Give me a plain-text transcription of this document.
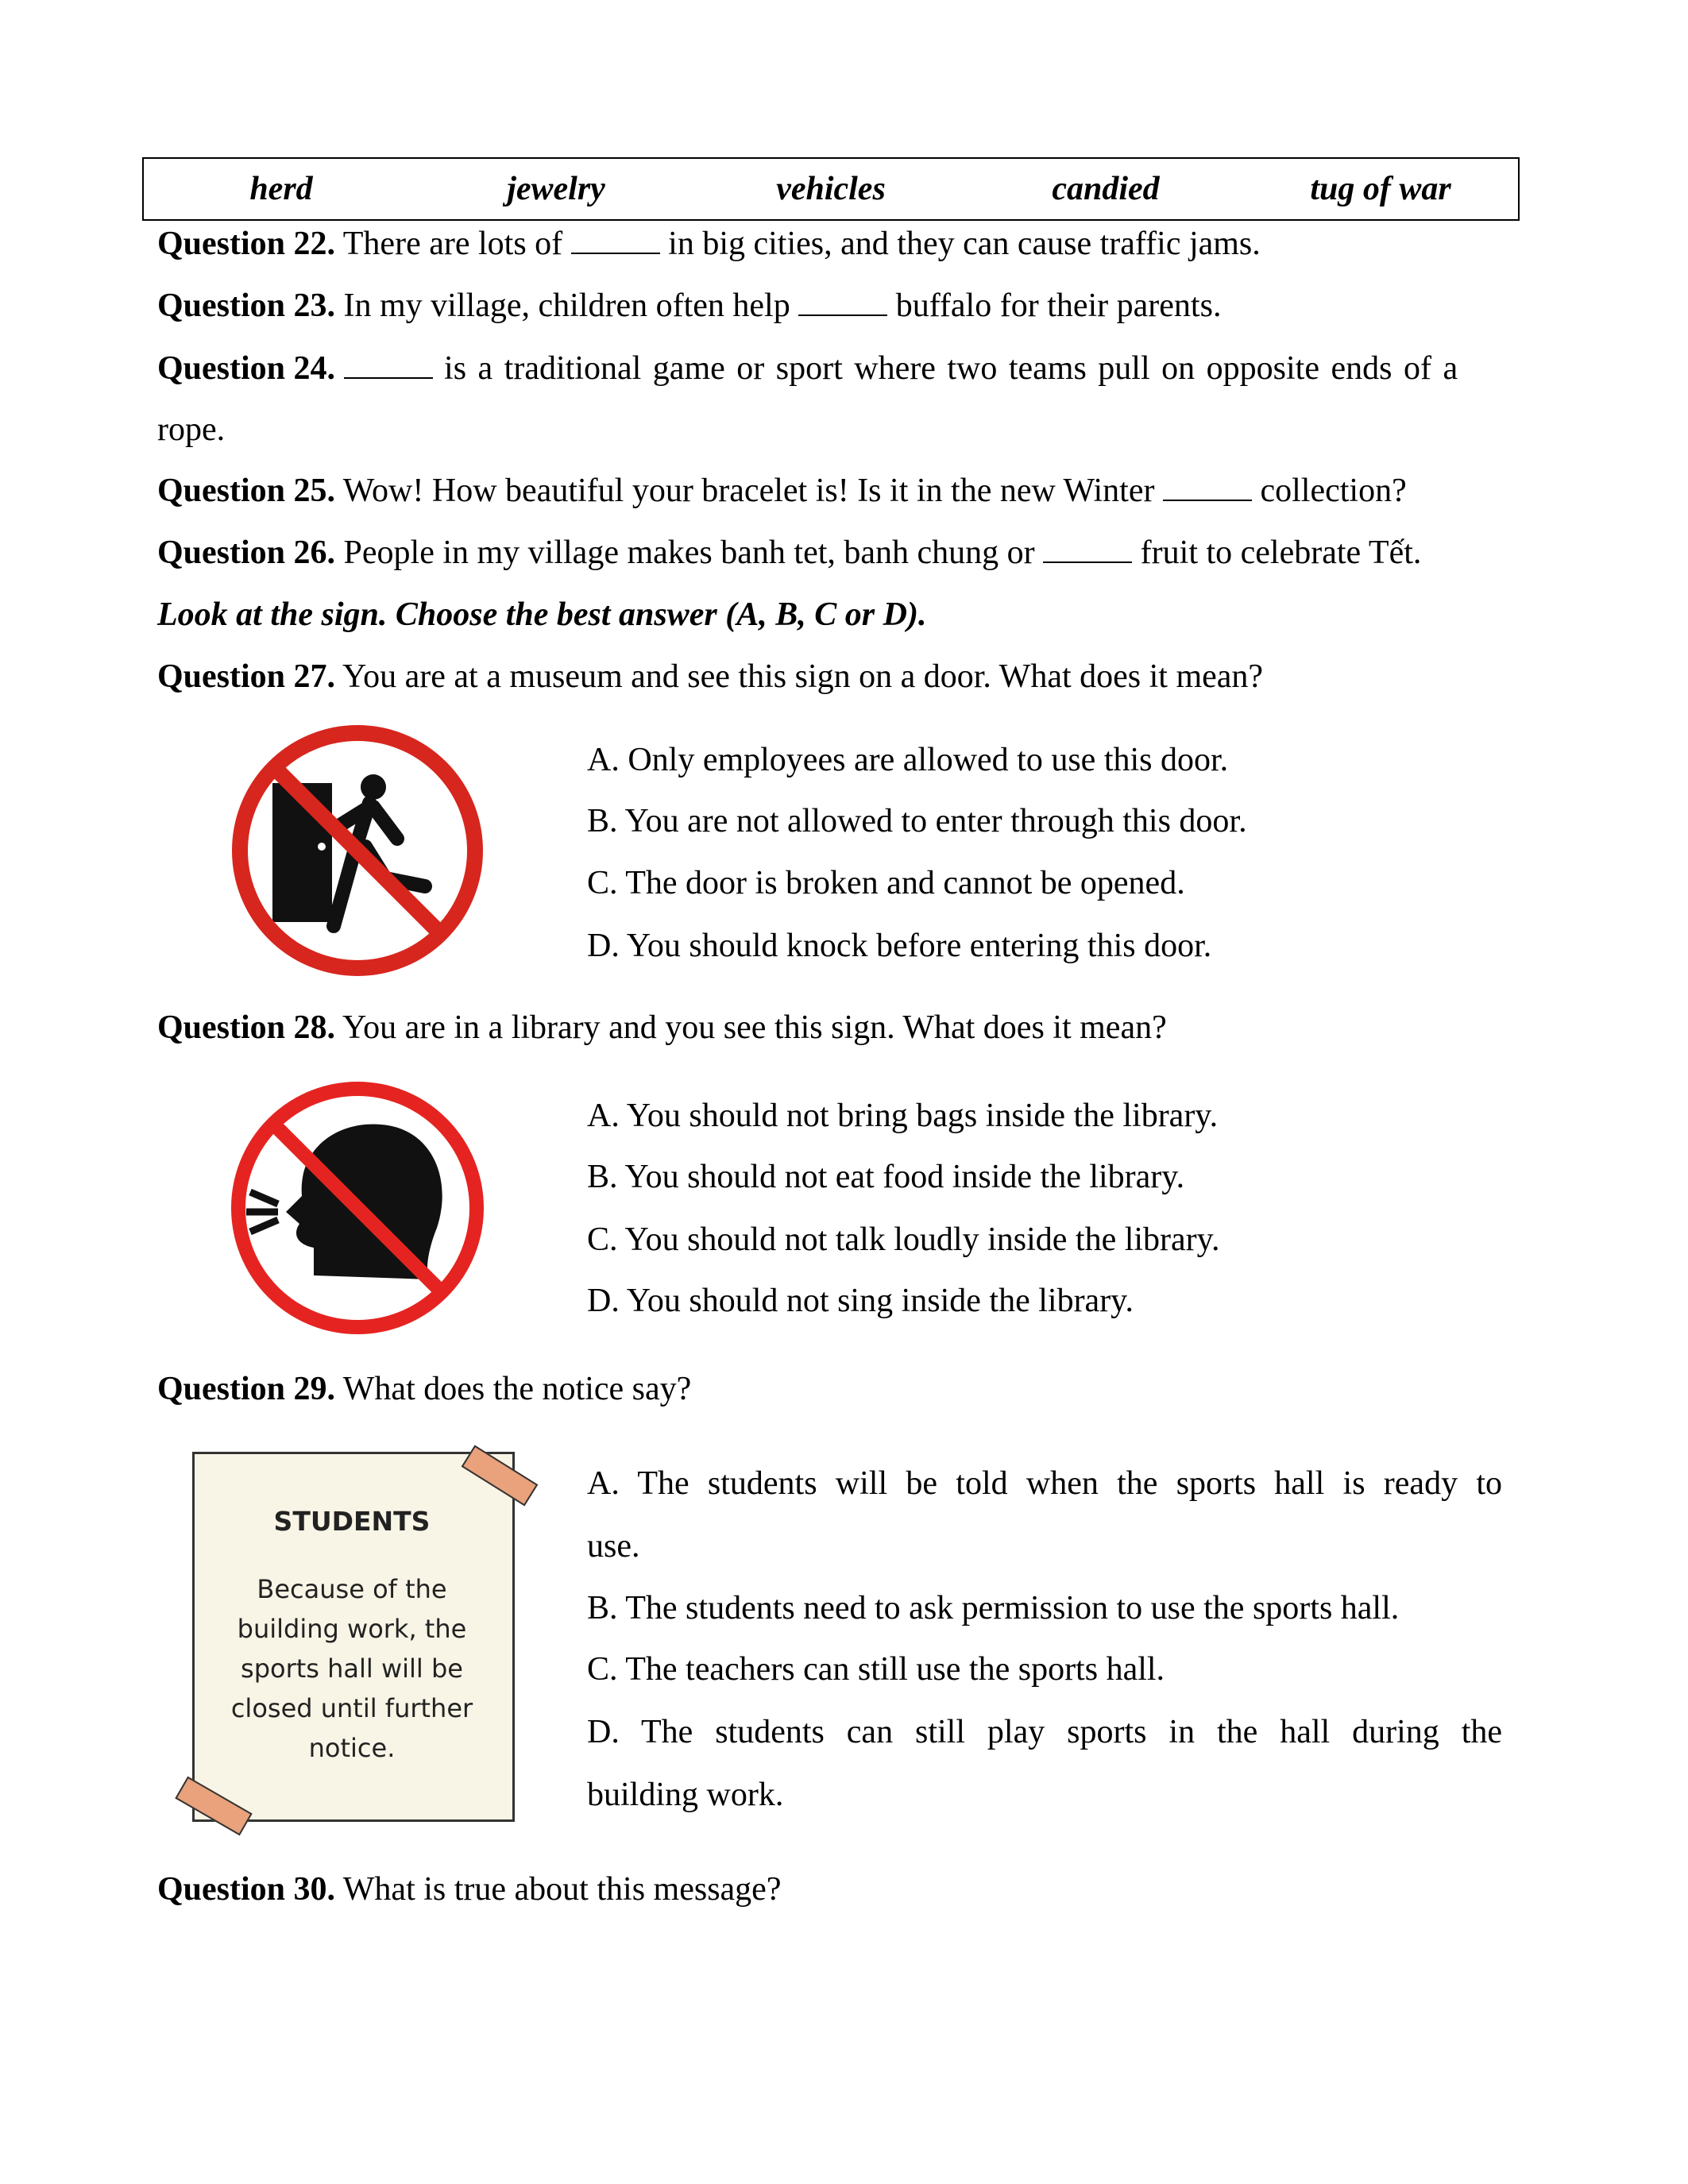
herd	jewelry	vehicles	candied	tug of war
Question 22. There are lots of	in big cities, and they can cause traffic jams.
Question 23. In my village, children often help	buffalo for their parents.
Question 24.	is a traditional game or sport where two teams pull on opposite ends of a
rope.
Question 25. Wow! How beautiful your bracelet is! Is it in the new Winter	collection?
Question 26. People in my village makes banh tet, banh chung or	fruit to celebrate Tết.
Look at the sign. Choose the best answer (A, B, C or D).
Question 27. You are at a museum and see this sign on a door. What does it mean?
A. Only employees are allowed to use this door.
B. You are not allowed to enter through this door.
C. The door is broken and cannot be opened.
D. You should knock before entering this door.
Question 28. You are in a library and you see this sign. What does it mean?
A. You should not bring bags inside the library.
B. You should not eat food inside the library.
C. You should not talk loudly inside the library.
D. You should not sing inside the library.
Question 29. What does the notice say?
STUDENTS
Because of the building work, the sports hall will be closed until further notice.
A. The students will be told when the sports hall is ready to
use.
B. The students need to ask permission to use the sports hall.
C. The teachers can still use the sports hall.
D. The students can still play sports in the hall during the
building work.
Question 30. What is true about this message?
